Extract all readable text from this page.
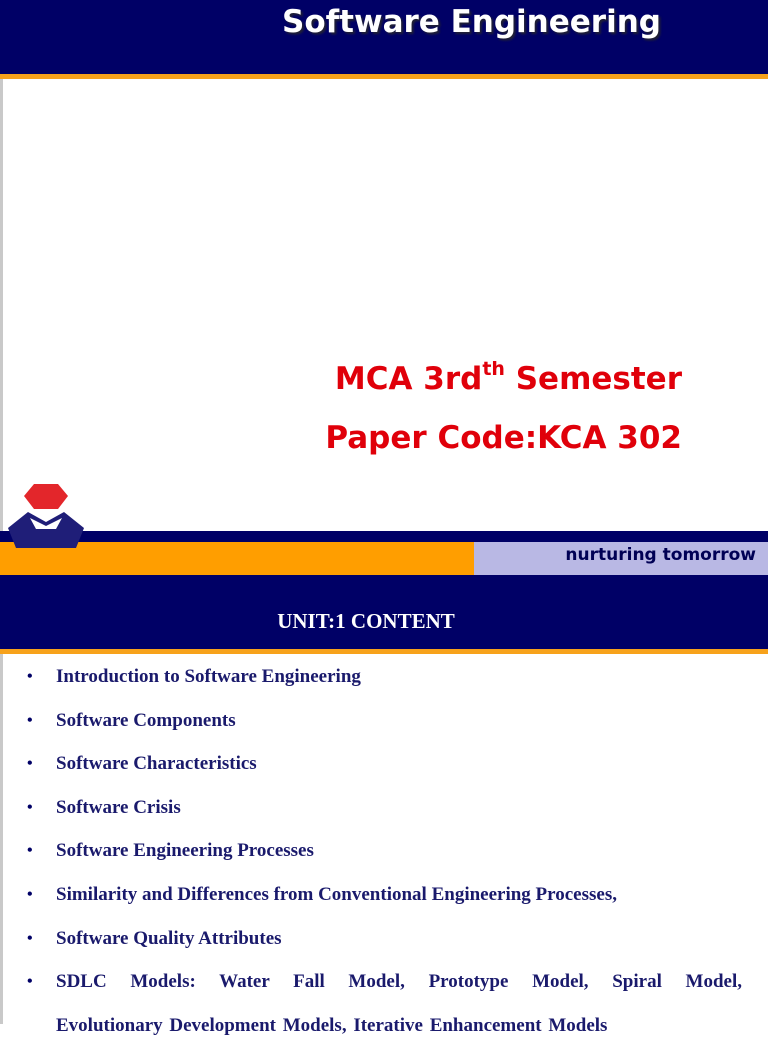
Software Engineering
MCA $3rd^{th}$ Semester
Paper Code:KCA 302
nurturing tomorrow
UNIT:1 CONTENT
• Introduction to Software Engineering
• Software Components
• Software Characteristics
• Software Crisis
• Software Engineering Processes
• Similarity and Differences from Conventional Engineering Processes,
• Software Quality Attributes
• SDLC Models: Water Fall Model, Prototype Model, Spiral Model,
Evolutionary Development Models, Iterative Enhancement Models
